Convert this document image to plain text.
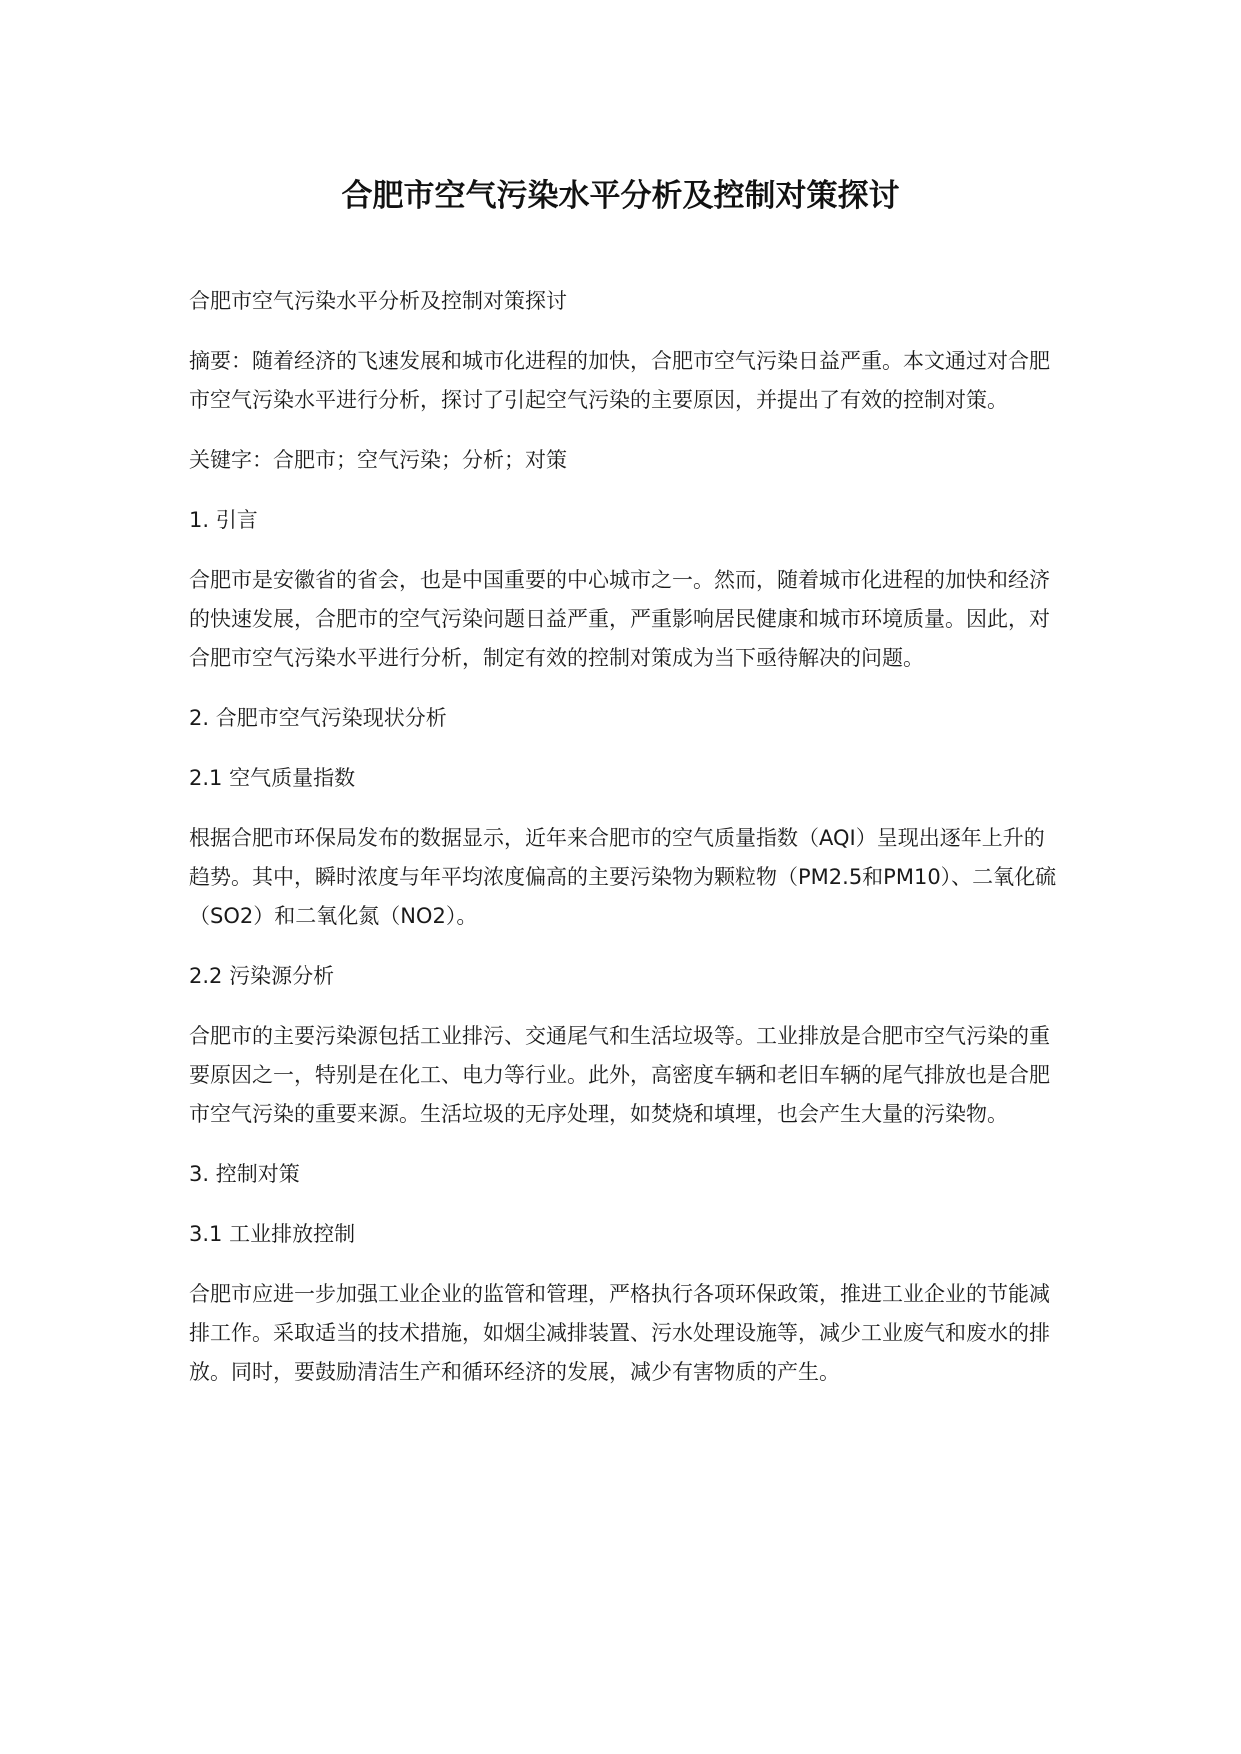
合肥市空气污染水平分析及控制对策探讨

合肥市空气污染水平分析及控制对策探讨

摘要：随着经济的飞速发展和城市化进程的加快，合肥市空气污染日益严重。本文通过对合肥市空气污染水平进行分析，探讨了引起空气污染的主要原因，并提出了有效的控制对策。

关键字：合肥市；空气污染；分析；对策

1. 引言

合肥市是安徽省的省会，也是中国重要的中心城市之一。然而，随着城市化进程的加快和经济的快速发展，合肥市的空气污染问题日益严重，严重影响居民健康和城市环境质量。因此，对合肥市空气污染水平进行分析，制定有效的控制对策成为当下亟待解决的问题。

2. 合肥市空气污染现状分析

2.1 空气质量指数

根据合肥市环保局发布的数据显示，近年来合肥市的空气质量指数（AQI）呈现出逐年上升的趋势。其中，瞬时浓度与年平均浓度偏高的主要污染物为颗粒物（PM2.5和PM10）、二氧化硫（SO2）和二氧化氮（NO2）。

2.2 污染源分析

合肥市的主要污染源包括工业排污、交通尾气和生活垃圾等。工业排放是合肥市空气污染的重要原因之一，特别是在化工、电力等行业。此外，高密度车辆和老旧车辆的尾气排放也是合肥市空气污染的重要来源。生活垃圾的无序处理，如焚烧和填埋，也会产生大量的污染物。

3. 控制对策

3.1 工业排放控制

合肥市应进一步加强工业企业的监管和管理，严格执行各项环保政策，推进工业企业的节能减排工作。采取适当的技术措施，如烟尘减排装置、污水处理设施等，减少工业废气和废水的排放。同时，要鼓励清洁生产和循环经济的发展，减少有害物质的产生。
